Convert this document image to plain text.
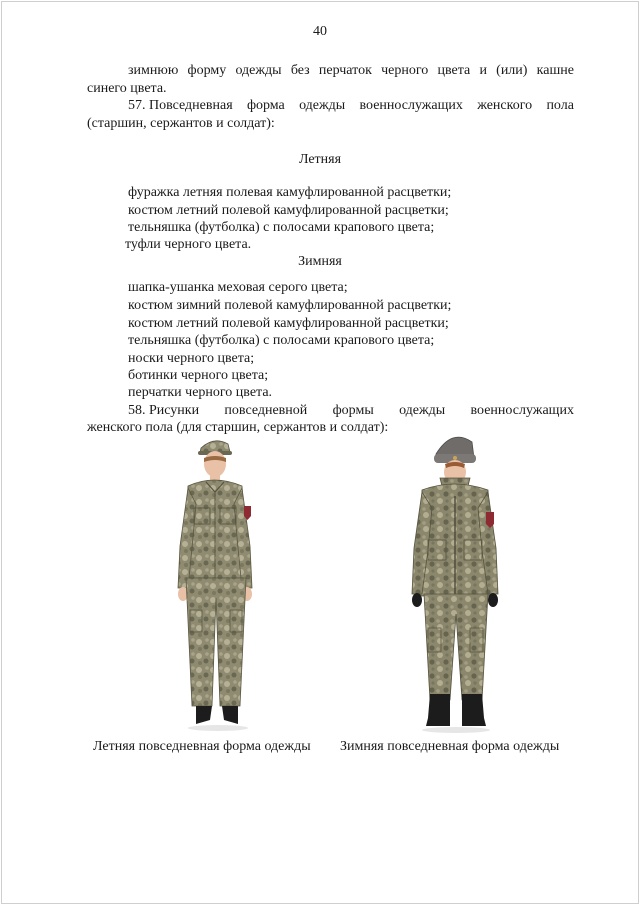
40
зимнюю форму одежды без перчаток черного цвета и (или) кашне
синего цвета.
57. Повседневная форма одежды военнослужащих женского пола
(старшин, сержантов и солдат):
Летняя
фуражка летняя полевая камуфлированной расцветки;
костюм летний полевой камуфлированной расцветки;
тельняшка (футболка) с полосами крапового цвета;
туфли черного цвета.
Зимняя
шапка-ушанка меховая серого цвета;
костюм зимний полевой камуфлированной расцветки;
костюм летний полевой камуфлированной расцветки;
тельняшка (футболка) с полосами крапового цвета;
носки черного цвета;
ботинки черного цвета;
перчатки черного цвета.
58. Рисунки повседневной формы одежды военнослужащих
женского пола (для старшин, сержантов и солдат):
Летняя повседневная форма одежды Зимняя повседневная форма одежды
